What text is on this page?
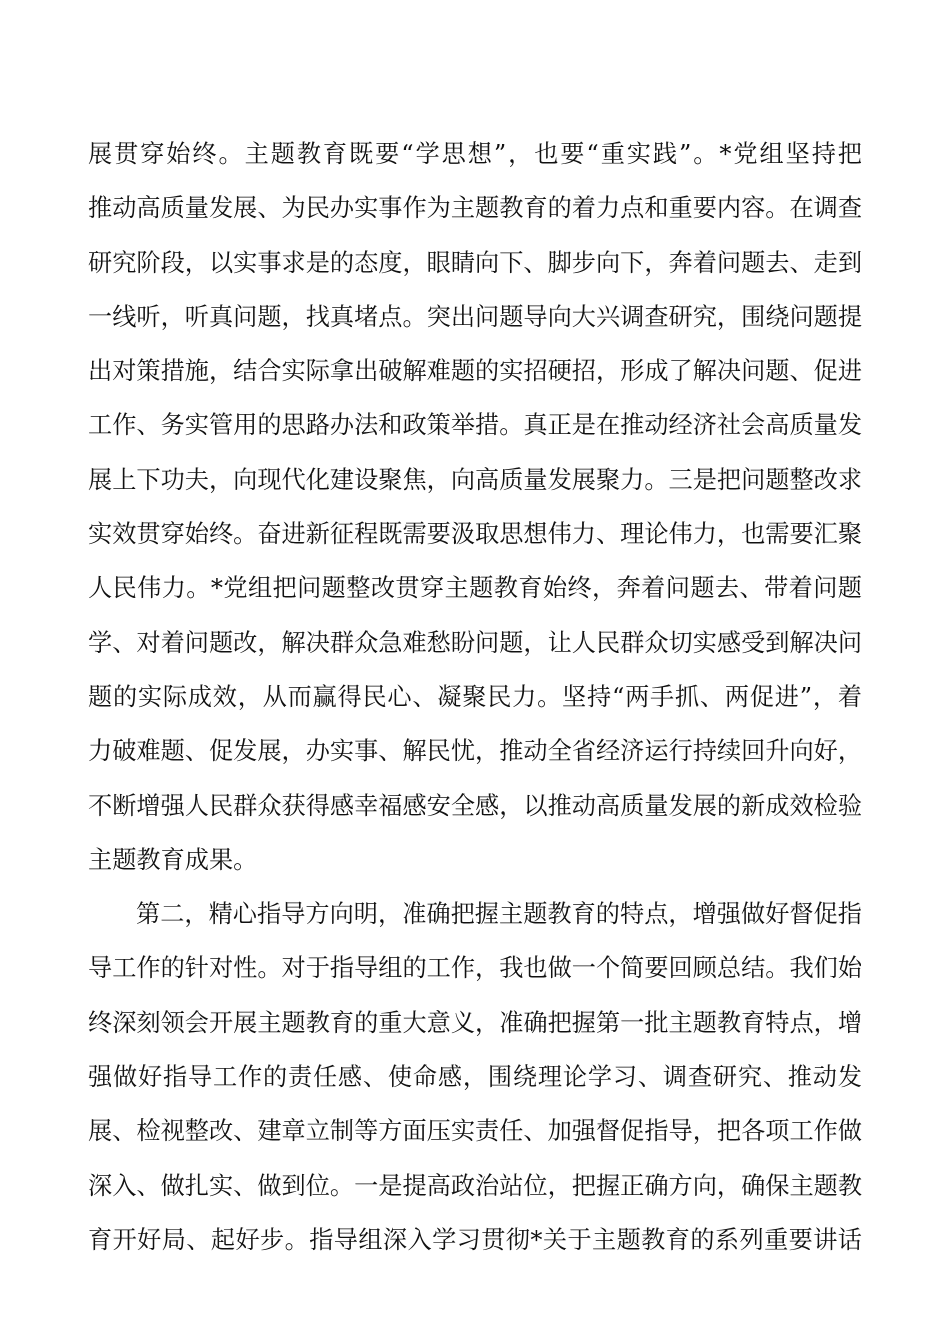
展贯穿始终。主题教育既要“学思想”，也要“重实践”。*党组坚持把
推动高质量发展、为民办实事作为主题教育的着力点和重要内容。在调查
研究阶段，以实事求是的态度，眼睛向下、脚步向下，奔着问题去、走到
一线听，听真问题，找真堵点。突出问题导向大兴调查研究，围绕问题提
出对策措施，结合实际拿出破解难题的实招硬招，形成了解决问题、促进
工作、务实管用的思路办法和政策举措。真正是在推动经济社会高质量发
展上下功夫，向现代化建设聚焦，向高质量发展聚力。三是把问题整改求
实效贯穿始终。奋进新征程既需要汲取思想伟力、理论伟力，也需要汇聚
人民伟力。*党组把问题整改贯穿主题教育始终，奔着问题去、带着问题
学、对着问题改，解决群众急难愁盼问题，让人民群众切实感受到解决问
题的实际成效，从而赢得民心、凝聚民力。坚持“两手抓、两促进”，着
力破难题、促发展，办实事、解民忧，推动全省经济运行持续回升向好，
不断增强人民群众获得感幸福感安全感，以推动高质量发展的新成效检验
主题教育成果。
第二，精心指导方向明，准确把握主题教育的特点，增强做好督促指
导工作的针对性。对于指导组的工作，我也做一个简要回顾总结。我们始
终深刻领会开展主题教育的重大意义，准确把握第一批主题教育特点，增
强做好指导工作的责任感、使命感，围绕理论学习、调查研究、推动发
展、检视整改、建章立制等方面压实责任、加强督促指导，把各项工作做
深入、做扎实、做到位。一是提高政治站位，把握正确方向，确保主题教
育开好局、起好步。指导组深入学习贯彻*关于主题教育的系列重要讲话
